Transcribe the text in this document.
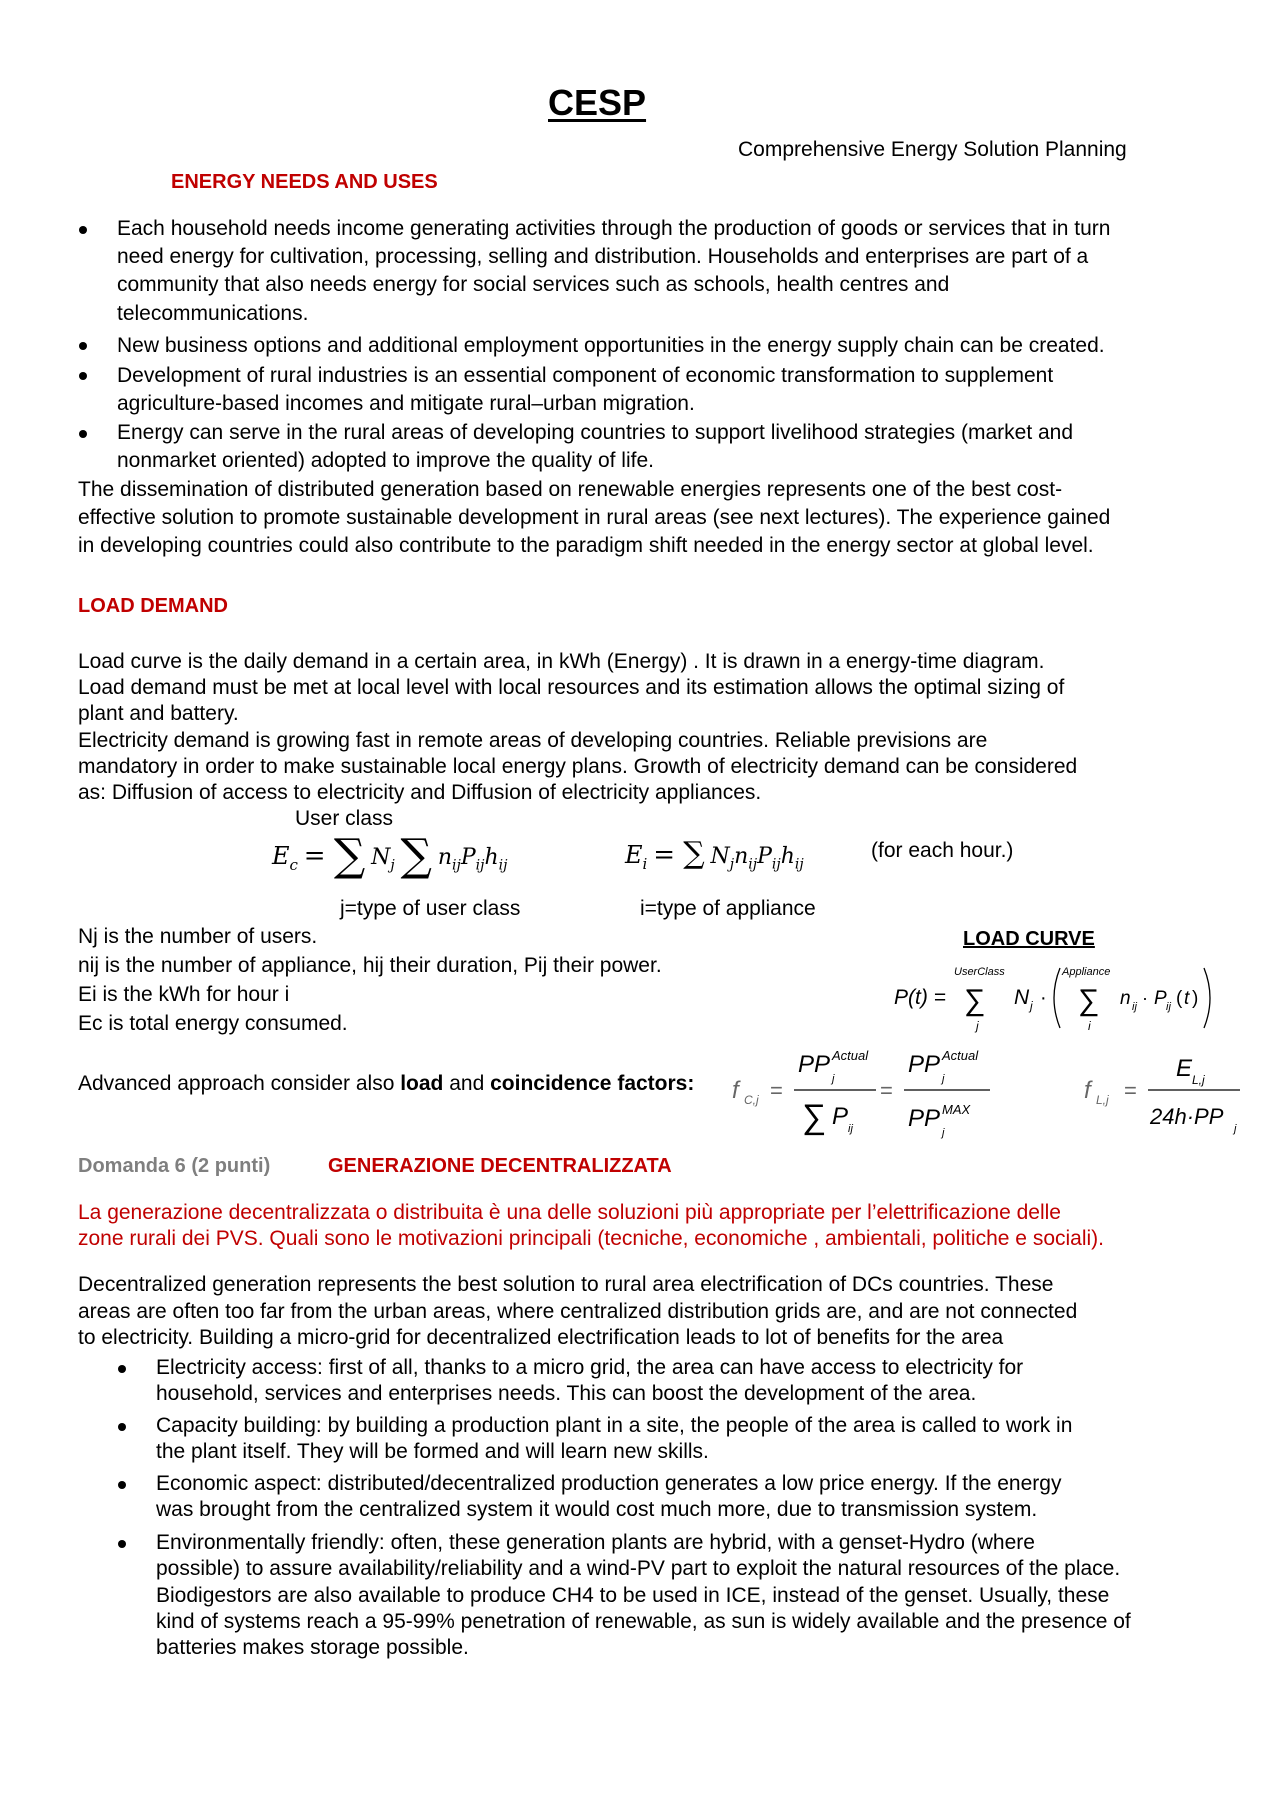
CESP
Comprehensive Energy Solution Planning
ENERGY NEEDS AND USES
Each household needs income generating activities through the production of goods or services that in turn
need energy for cultivation, processing, selling and distribution. Households and enterprises are part of a
community that also needs energy for social services such as schools, health centres and
telecommunications.
New business options and additional employment opportunities in the energy supply chain can be created.
Development of rural industries is an essential component of economic transformation to supplement
agriculture-based incomes and mitigate rural–urban migration.
Energy can serve in the rural areas of developing countries to support livelihood strategies (market and
nonmarket oriented) adopted to improve the quality of life.
The dissemination of distributed generation based on renewable energies represents one of the best cost-
effective solution to promote sustainable development in rural areas (see next lectures). The experience gained
in developing countries could also contribute to the paradigm shift needed in the energy sector at global level.
LOAD DEMAND
Load curve is the daily demand in a certain area, in kWh (Energy) . It is drawn in a energy-time diagram.
Load demand must be met at local level with local resources and its estimation allows the optimal sizing of
plant and battery.
Electricity demand is growing fast in remote areas of developing countries. Reliable previsions are
mandatory in order to make sustainable local energy plans. Growth of electricity demand can be considered
as: Diffusion of access to electricity and Diffusion of electricity appliances.
User class
$E_c$ = ∑ $N_j$ ∑ $n_{ij}P_{ij}h_{ij}$	$E_i$ = ∑ $N_jn_{ij}P_{ij}h_{ij}$
(for each hour.)
j=type of user class	i=type of appliance
Nj is the number of users.
nij is the number of appliance, hij their duration, Pij their power.
Ei is the kWh for hour i
Ec is total energy consumed.
LOAD CURVE
P(t) =
UserClass
∑
j
N j ·
Appliance
∑
i
n ij · P ij ( t )
Advanced approach consider also load and coincidence factors: f C,j =
PP Actual
j
∑ P ij
=
PP Actual
j
PP MAX
j
f L,j =
E L,j
24h·PP j
Domanda 6 (2 punti)	GENERAZIONE DECENTRALIZZATA
La generazione decentralizzata o distribuita è una delle soluzioni più appropriate per l’elettrificazione delle
zone rurali dei PVS. Quali sono le motivazioni principali (tecniche, economiche , ambientali, politiche e sociali).
Decentralized generation represents the best solution to rural area electrification of DCs countries. These
areas are often too far from the urban areas, where centralized distribution grids are, and are not connected
to electricity. Building a micro-grid for decentralized electrification leads to lot of benefits for the area
Electricity access: first of all, thanks to a micro grid, the area can have access to electricity for
household, services and enterprises needs. This can boost the development of the area.
Capacity building: by building a production plant in a site, the people of the area is called to work in
the plant itself. They will be formed and will learn new skills.
Economic aspect: distributed/decentralized production generates a low price energy. If the energy
was brought from the centralized system it would cost much more, due to transmission system.
Environmentally friendly: often, these generation plants are hybrid, with a genset-Hydro (where
possible) to assure availability/reliability and a wind-PV part to exploit the natural resources of the place.
Biodigestors are also available to produce CH4 to be used in ICE, instead of the genset. Usually, these
kind of systems reach a 95-99% penetration of renewable, as sun is widely available and the presence of
batteries makes storage possible.
